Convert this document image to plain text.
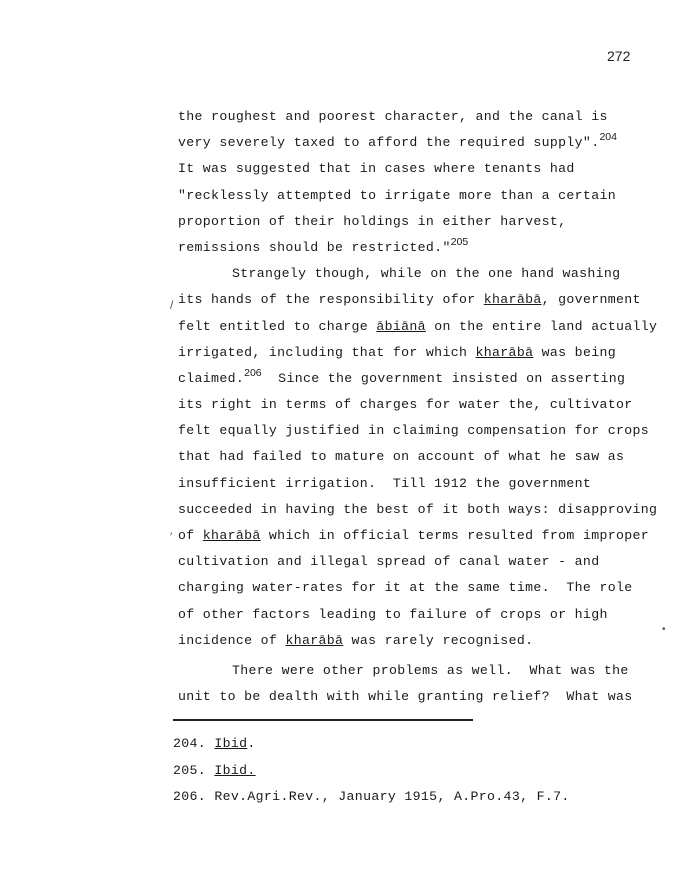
272
the roughest and poorest character, and the canal is
very severely taxed to afford the required supply".$^{204}$
It was suggested that in cases where tenants had
"recklessly attempted to irrigate more than a certain
proportion of their holdings in either harvest,
remissions should be restricted."$^{205}$
Strangely though, while on the one hand washing
its hands of the responsibility ofor kharābā, government
felt entitled to charge ābiānā on the entire land actually
irrigated, including that for which kharābā was being
claimed.$^{206}$  Since the government insisted on asserting
its right in terms of charges for water the, cultivator
felt equally justified in claiming compensation for crops
that had failed to mature on account of what he saw as
insufficient irrigation.  Till 1912 the government
succeeded in having the best of it both ways: disapproving
of kharābā which in official terms resulted from improper
cultivation and illegal spread of canal water - and
charging water-rates for it at the same time.  The role
of other factors leading to failure of crops or high
incidence of kharābā was rarely recognised.
There were other problems as well.  What was the
unit to be dealth with while granting relief?  What was
204. Ibid.
205. Ibid.
206. Rev.Agri.Rev., January 1915, A.Pro.43, F.7.
/
′
•
